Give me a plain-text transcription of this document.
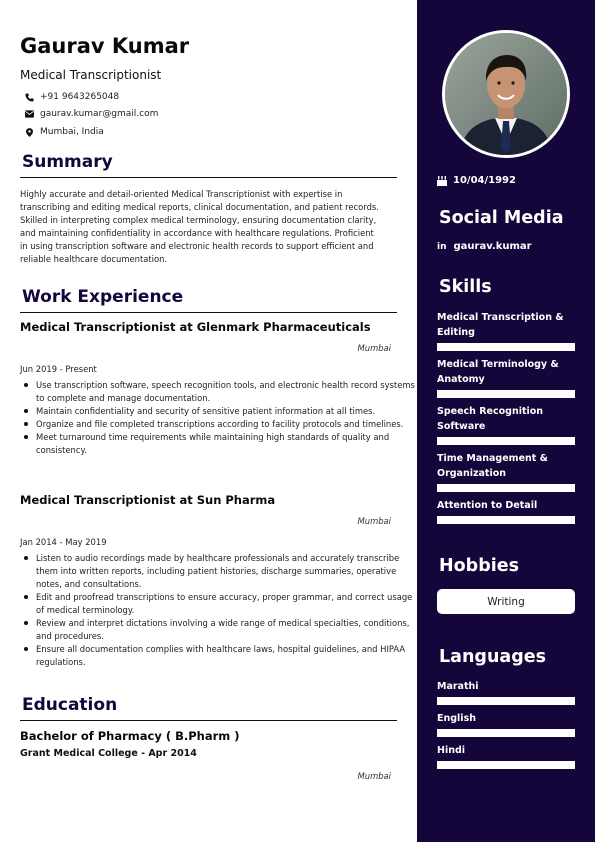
Gaurav Kumar
Medical Transcriptionist
+91 9643265048
gaurav.kumar@gmail.com
Mumbai, India
Summary

Highly accurate and detail-oriented Medical Transcriptionist with expertise in transcribing and editing medical reports, clinical documentation, and patient records. Skilled in interpreting complex medical terminology, ensuring documentation clarity, and maintaining confidentiality in accordance with healthcare regulations. Proficient in using transcription software and electronic health records to support efficient and reliable healthcare documentation.

Work Experience
Medical Transcriptionist at Glenmark Pharmaceuticals
Mumbai
Jun 2019 - Present
Use transcription software, speech recognition tools, and electronic health record systems to complete and manage documentation.
Maintain confidentiality and security of sensitive patient information at all times.
Organize and file completed transcriptions according to facility protocols and timelines.
Meet turnaround time requirements while maintaining high standards of quality and consistency.
Medical Transcriptionist at Sun Pharma
Mumbai
Jan 2014 - May 2019
Listen to audio recordings made by healthcare professionals and accurately transcribe them into written reports, including patient histories, discharge summaries, operative notes, and consultations.
Edit and proofread transcriptions to ensure accuracy, proper grammar, and correct usage of medical terminology.
Review and interpret dictations involving a wide range of medical specialties, conditions, and procedures.
Ensure all documentation complies with healthcare laws, hospital guidelines, and HIPAA regulations.
Education
Bachelor of Pharmacy ( B.Pharm )
Grant Medical College - Apr 2014
Mumbai
10/04/1992
Social Media
in gaurav.kumar
Skills
Medical Transcription & Editing
Medical Terminology & Anatomy
Speech Recognition Software
Time Management & Organization
Attention to Detail
Hobbies
Writing
Languages
Marathi
English
Hindi
